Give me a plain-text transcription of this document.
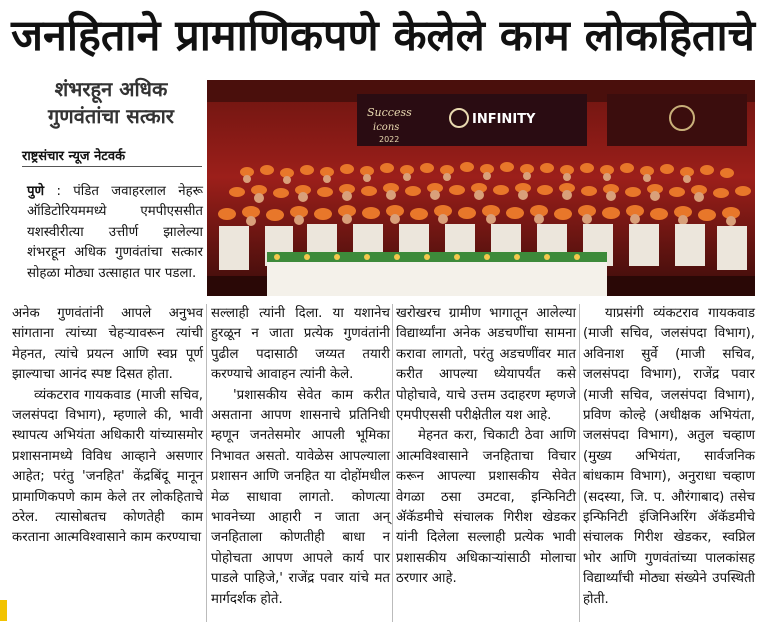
जनहिताने प्रामाणिकपणे केलेले काम लोकहिताचे
शंभरहून अधिक
गुणवंतांचा सत्कार
राष्ट्रसंचार न्यूज नेटवर्क
Success
icons
INFINITY
2022

पुणे : पंडित जवाहरलाल नेहरू ऑडिटोरियममध्ये एमपीएससीत यशस्वीरीत्या उत्तीर्ण झालेल्या शंभरहून अधिक गुणवंतांचा सत्कार सोहळा मोठ्या उत्साहात पार पडला.

अनेक गुणवंतांनी आपले अनुभव सांगताना त्यांच्या चेहऱ्यावरून त्यांची मेहनत, त्यांचे प्रयत्न आणि स्वप्न पूर्ण झाल्याचा आनंद स्पष्ट दिसत होता.

व्यंकटराव गायकवाड (माजी सचिव, जलसंपदा विभाग), म्हणाले की, भावी स्थापत्य अभियंता अधिकारी यांच्यासमोर प्रशासनामध्ये विविध आव्हाने असणार आहेत; परंतु 'जनहित' केंद्रबिंदू मानून प्रामाणिकपणे काम केले तर लोकहिताचे ठरेल. त्यासोबतच कोणतेही काम करताना आत्मविश्वासाने काम करण्याचा

सल्लाही त्यांनी दिला. या यशानेच हुरळून न जाता प्रत्येक गुणवंतांनी पुढील पदासाठी जय्यत तयारी करण्याचे आवाहन त्यांनी केले.

'प्रशासकीय सेवेत काम करीत असताना आपण शासनाचे प्रतिनिधी म्हणून जनतेसमोर आपली भूमिका निभावत असतो. यावेळेस आपल्याला प्रशासन आणि जनहित या दोहोंमधील मेळ साधावा लागतो. कोणत्या भावनेच्या आहारी न जाता अन् जनहिताला कोणतीही बाधा न पोहोचता आपण आपले कार्य पार पाडले पाहिजे,' राजेंद्र पवार यांचे मत मार्गदर्शक होते.

खरोखरच ग्रामीण भागातून आलेल्या विद्यार्थ्यांना अनेक अडचणींचा सामना करावा लागतो, परंतु अडचणींवर मात करीत आपल्या ध्येयापर्यंत कसे पोहोचावे, याचे उत्तम उदाहरण म्हणजे एमपीएससी परीक्षेतील यश आहे.

मेहनत करा, चिकाटी ठेवा आणि आत्मविश्वासाने जनहिताचा विचार करून आपल्या प्रशासकीय सेवेत वेगळा ठसा उमटवा, इन्फिनिटी ॲकॅडमीचे संचालक गिरीश खेडकर यांनी दिलेला सल्लाही प्रत्येक भावी प्रशासकीय अधिकाऱ्यांसाठी मोलाचा ठरणार आहे.

याप्रसंगी व्यंकटराव गायकवाड (माजी सचिव, जलसंपदा विभाग), अविनाश सुर्वे (माजी सचिव, जलसंपदा विभाग), राजेंद्र पवार (माजी सचिव, जलसंपदा विभाग), प्रविण कोल्हे (अधीक्षक अभियंता, जलसंपदा विभाग), अतुल चव्हाण (मुख्य अभियंता, सार्वजनिक बांधकाम विभाग), अनुराधा चव्हाण (सदस्या, जि. प. औरंगाबाद) तसेच इन्फिनिटी इंजिनिअरिंग ॲकॅडमीचे संचालक गिरीश खेडकर, स्वप्निल भोर आणि गुणवंतांच्या पालकांसह विद्यार्थ्यांची मोठ्या संख्येने उपस्थिती होती.
